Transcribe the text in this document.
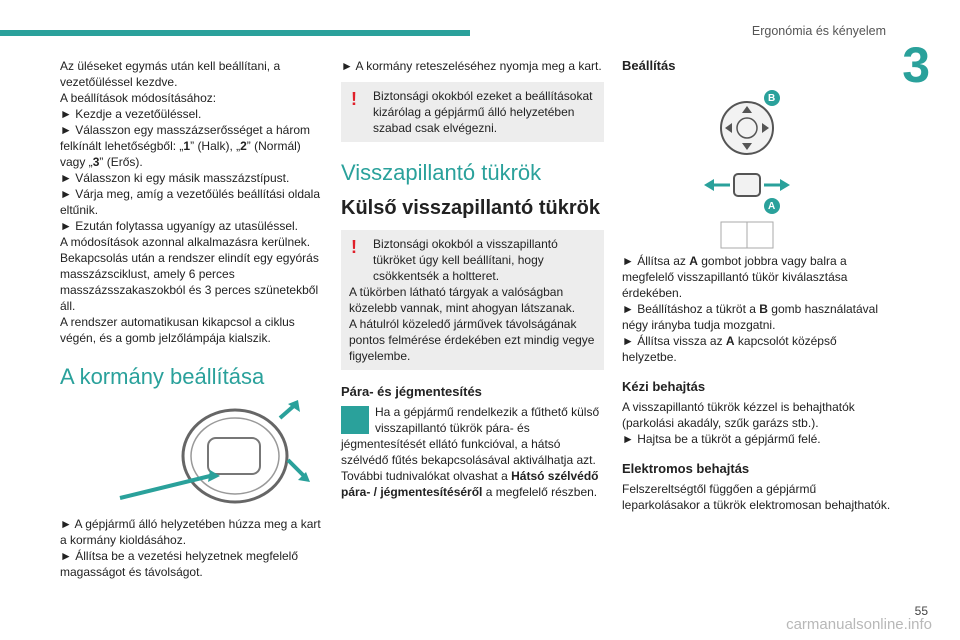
Ergonómia és kényelem
3

Az üléseket egymás után kell beállítani, a vezetőüléssel kezdve.

A beállítások módosításához:

► Kezdje a vezetőüléssel.

► Válasszon egy masszázserősséget a három felkínált lehetőségből: „1” (Halk), „2” (Normál) vagy „3” (Erős).

► Válasszon ki egy másik masszázstípust.

► Várja meg, amíg a vezetőülés beállítási oldala eltűnik.

► Ezután folytassa ugyanígy az utasüléssel.

A módosítások azonnal alkalmazásra kerülnek.

Bekapcsolás után a rendszer elindít egy egyórás masszázsciklust, amely 6 perces masszázsszakaszokból és 3 perces szünetekből áll.

A rendszer automatikusan kikapcsol a ciklus végén, és a gomb jelzőlámpája kialszik.

A kormány beállítása

► A gépjármű álló helyzetében húzza meg a kart a kormány kioldásához.

► Állítsa be a vezetési helyzetnek megfelelő magasságot és távolságot.

► A kormány reteszeléséhez nyomja meg a kart.

!	Biztonsági okokból ezeket a beállításokat kizárólag a gépjármű álló helyzetében szabad csak elvégezni.

Visszapillantó tükrök
Külső visszapillantó tükrök
!	Biztonsági okokból a visszapillantó tükröket úgy kell beállítani, hogy csökkentsék a holtteret.

A tükörben látható tárgyak a valóságban közelebb vannak, mint ahogyan látszanak.

A hátulról közeledő járművek távolságának pontos felmérése érdekében ezt mindig vegye figyelembe.

Pára- és jégmentesítés

Ha a gépjármű rendelkezik a fűthető külső visszapillantó tükrök pára- és jégmentesítését ellátó funkcióval, a hátsó szélvédő fűtés bekapcsolásával aktiválhatja azt.

További tudnivalókat olvashat a Hátsó szélvédő pára- / jégmentesítéséről a megfelelő részben.

Beállítás
B
A

► Állítsa az A gombot jobbra vagy balra a megfelelő visszapillantó tükör kiválasztása érdekében.

► Beállításhoz a tükröt a B gomb használatával négy irányba tudja mozgatni.

► Állítsa vissza az A kapcsolót középső helyzetbe.

Kézi behajtás

A visszapillantó tükrök kézzel is behajthatók (parkolási akadály, szűk garázs stb.).

► Hajtsa be a tükröt a gépjármű felé.

Elektromos behajtás

Felszereltségtől függően a gépjármű leparkolásakor a tükrök elektromosan behajthatók.

55
carmanualsonline.info
